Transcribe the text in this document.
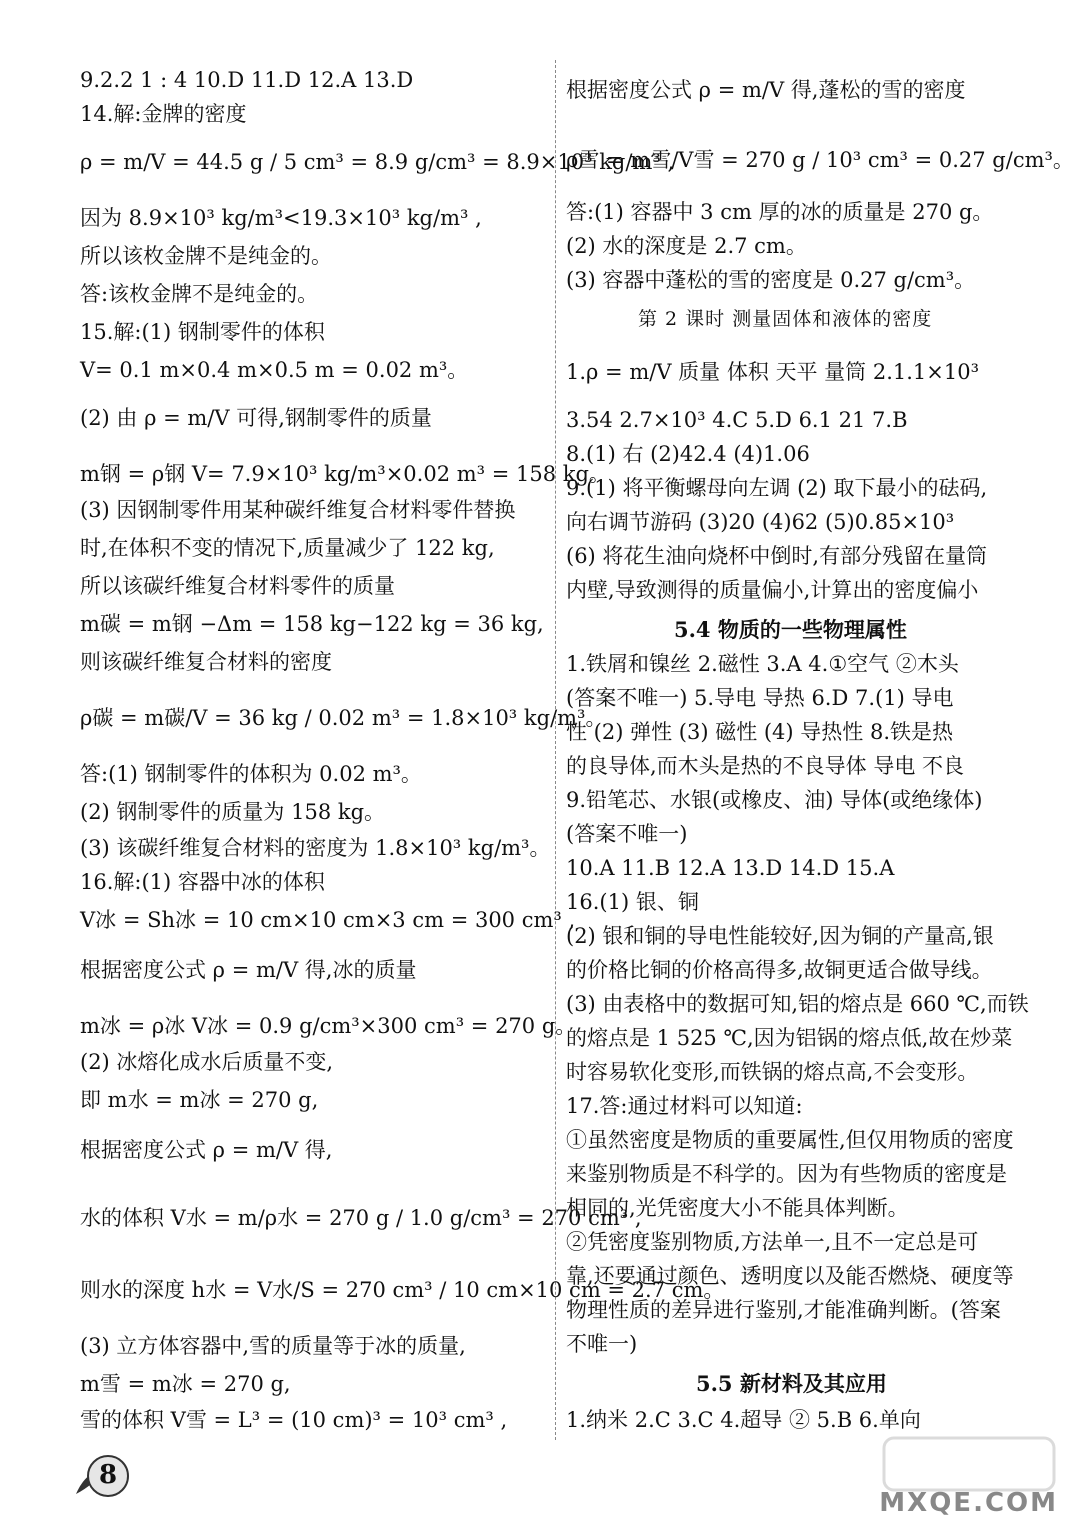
9.2.2 1 : 4 10.D 11.D 12.A 13.D
14.解:金牌的密度
ρ = m/V = 44.5 g / 5 cm³ = 8.9 g/cm³ = 8.9×10³ kg/m³ ,
因为 8.9×10³ kg/m³<19.3×10³ kg/m³ ,
所以该枚金牌不是纯金的。
答:该枚金牌不是纯金的。
15.解:(1) 钢制零件的体积
V= 0.1 m×0.4 m×0.5 m = 0.02 m³。
(2) 由 ρ = m/V 可得,钢制零件的质量
m钢 = ρ钢 V= 7.9×10³ kg/m³×0.02 m³ = 158 kg。
(3) 因钢制零件用某种碳纤维复合材料零件替换
时,在体积不变的情况下,质量减少了 122 kg,
所以该碳纤维复合材料零件的质量
m碳 = m钢 −Δm = 158 kg−122 kg = 36 kg,
则该碳纤维复合材料的密度
ρ碳 = m碳/V = 36 kg / 0.02 m³ = 1.8×10³ kg/m³。
答:(1) 钢制零件的体积为 0.02 m³。
(2) 钢制零件的质量为 158 kg。
(3) 该碳纤维复合材料的密度为 1.8×10³ kg/m³。
16.解:(1) 容器中冰的体积
V冰 = Sh冰 = 10 cm×10 cm×3 cm = 300 cm³ ,
根据密度公式 ρ = m/V 得,冰的质量
m冰 = ρ冰 V冰 = 0.9 g/cm³×300 cm³ = 270 g。
(2) 冰熔化成水后质量不变,
即 m水 = m冰 = 270 g,
根据密度公式 ρ = m/V 得,
水的体积 V水 = m/ρ水 = 270 g / 1.0 g/cm³ = 270 cm³ ,
则水的深度 h水 = V水/S = 270 cm³ / 10 cm×10 cm = 2.7 cm。
(3) 立方体容器中,雪的质量等于冰的质量,
m雪 = m冰 = 270 g,
雪的体积 V雪 = L³ = (10 cm)³ = 10³ cm³ ,
根据密度公式 ρ = m/V 得,蓬松的雪的密度
ρ雪 = m雪/V雪 = 270 g / 10³ cm³ = 0.27 g/cm³。
答:(1) 容器中 3 cm 厚的冰的质量是 270 g。
(2) 水的深度是 2.7 cm。
(3) 容器中蓬松的雪的密度是 0.27 g/cm³。
第 2 课时 测量固体和液体的密度
1.ρ = m/V 质量 体积 天平 量筒 2.1.1×10³
3.54 2.7×10³ 4.C 5.D 6.1 21 7.B
8.(1) 右 (2)42.4 (4)1.06
9.(1) 将平衡螺母向左调 (2) 取下最小的砝码,
向右调节游码 (3)20 (4)62 (5)0.85×10³
(6) 将花生油向烧杯中倒时,有部分残留在量筒
内壁,导致测得的质量偏小,计算出的密度偏小
5.4 物质的一些物理属性
1.铁屑和镍丝 2.磁性 3.A 4.①空气 ②木头
(答案不唯一) 5.导电 导热 6.D 7.(1) 导电
性 (2) 弹性 (3) 磁性 (4) 导热性 8.铁是热
的良导体,而木头是热的不良导体 导电 不良
9.铅笔芯、水银(或橡皮、油) 导体(或绝缘体)
(答案不唯一)
10.A 11.B 12.A 13.D 14.D 15.A
16.(1) 银、铜
(2) 银和铜的导电性能较好,因为铜的产量高,银
的价格比铜的价格高得多,故铜更适合做导线。
(3) 由表格中的数据可知,铝的熔点是 660 ℃,而铁
的熔点是 1 525 ℃,因为铝锅的熔点低,故在炒菜
时容易软化变形,而铁锅的熔点高,不会变形。
17.答:通过材料可以知道:
①虽然密度是物质的重要属性,但仅用物质的密度
来鉴别物质是不科学的。因为有些物质的密度是
相同的,光凭密度大小不能具体判断。
②凭密度鉴别物质,方法单一,且不一定总是可
靠,还要通过颜色、透明度以及能否燃烧、硬度等
物理性质的差异进行鉴别,才能准确判断。(答案
不唯一)
5.5 新材料及其应用
1.纳米 2.C 3.C 4.超导 ② 5.B 6.单向
8
MXQE.COM
